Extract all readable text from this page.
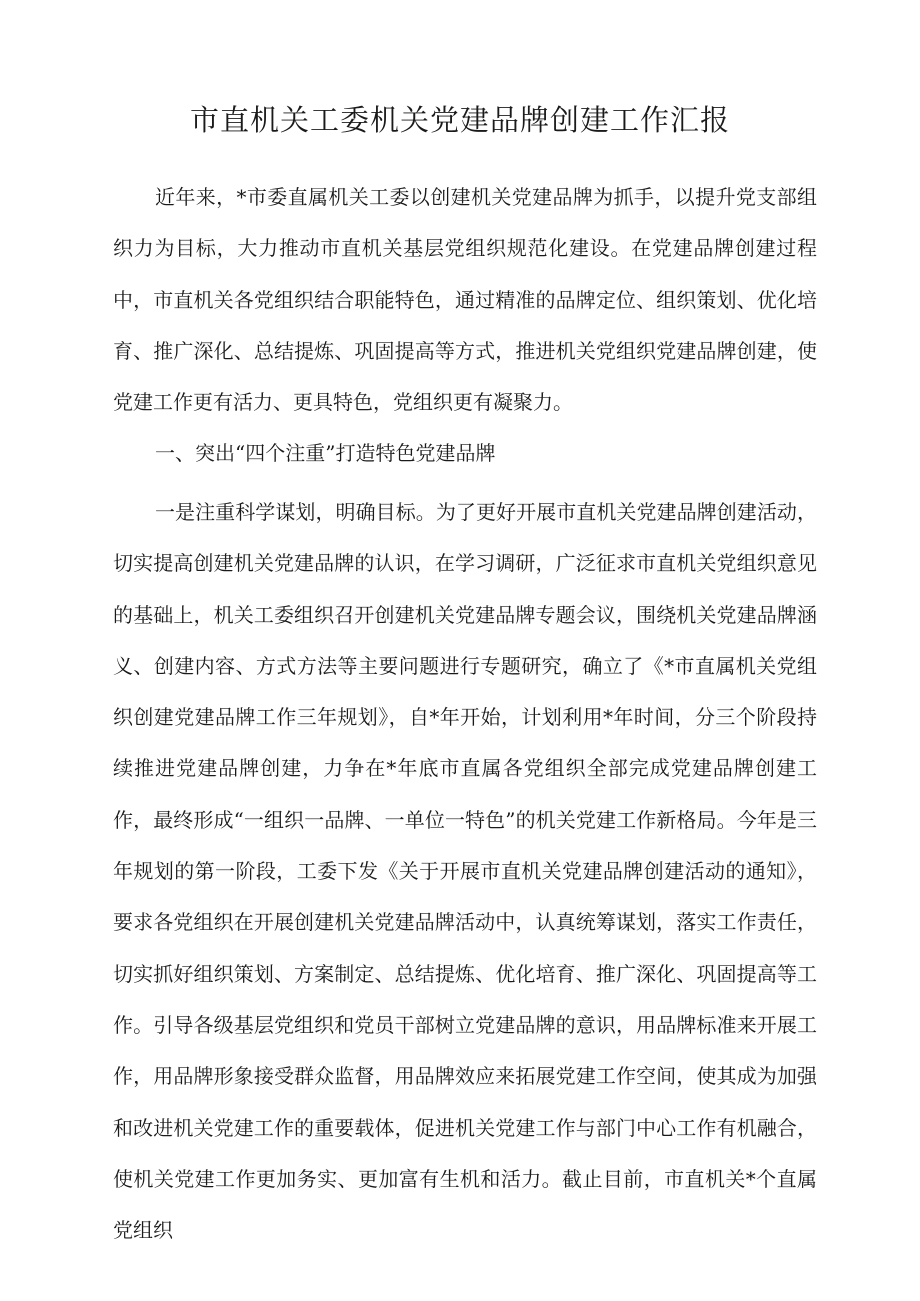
市直机关工委机关党建品牌创建工作汇报

近年来，*市委直属机关工委以创建机关党建品牌为抓手，以提升党支部组织力为目标，大力推动市直机关基层党组织规范化建设。在党建品牌创建过程中，市直机关各党组织结合职能特色，通过精准的品牌定位、组织策划、优化培育、推广深化、总结提炼、巩固提高等方式，推进机关党组织党建品牌创建，使党建工作更有活力、更具特色，党组织更有凝聚力。

一、突出“四个注重”打造特色党建品牌

一是注重科学谋划，明确目标。为了更好开展市直机关党建品牌创建活动，切实提高创建机关党建品牌的认识，在学习调研，广泛征求市直机关党组织意见的基础上，机关工委组织召开创建机关党建品牌专题会议，围绕机关党建品牌涵义、创建内容、方式方法等主要问题进行专题研究，确立了《*市直属机关党组织创建党建品牌工作三年规划》，自*年开始，计划利用*年时间，分三个阶段持续推进党建品牌创建，力争在*年底市直属各党组织全部完成党建品牌创建工作，最终形成“一组织一品牌、一单位一特色”的机关党建工作新格局。今年是三年规划的第一阶段，工委下发《关于开展市直机关党建品牌创建活动的通知》，要求各党组织在开展创建机关党建品牌活动中，认真统筹谋划，落实工作责任，切实抓好组织策划、方案制定、总结提炼、优化培育、推广深化、巩固提高等工作。引导各级基层党组织和党员干部树立党建品牌的意识，用品牌标准来开展工作，用品牌形象接受群众监督，用品牌效应来拓展党建工作空间，使其成为加强和改进机关党建工作的重要载体，促进机关党建工作与部门中心工作有机融合，使机关党建工作更加务实、更加富有生机和活力。截止目前，市直机关*个直属党组织
